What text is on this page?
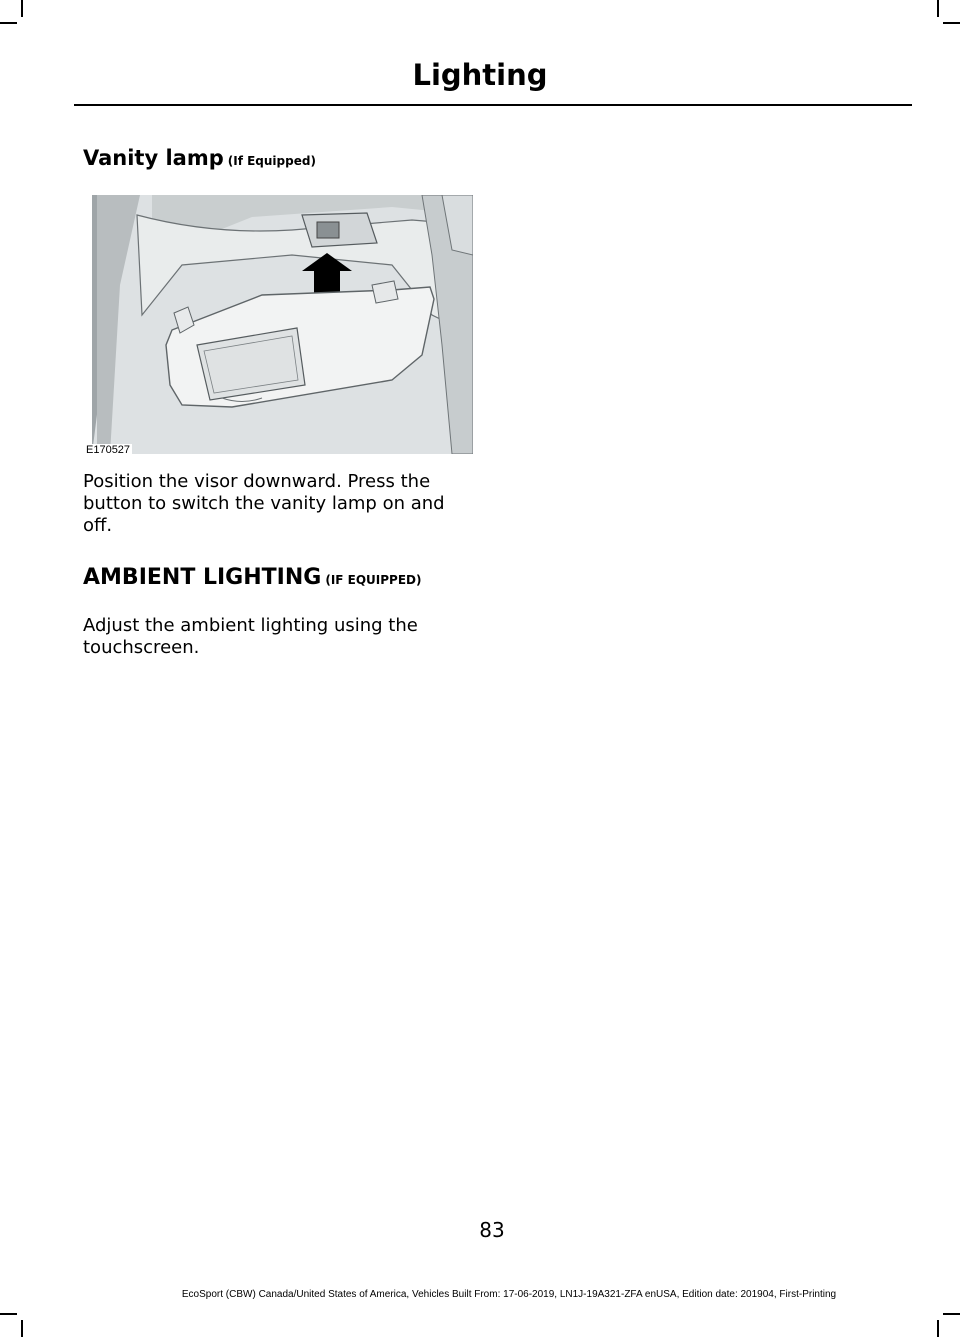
Lighting
Vanity lamp (If Equipped)
E170527
Position the visor downward. Press the
button to switch the vanity lamp on and
off.
AMBIENT LIGHTING (IF EQUIPPED)
Adjust the ambient lighting using the
touchscreen.
83
EcoSport (CBW) Canada/United States of America, Vehicles Built From: 17-06-2019, LN1J-19A321-ZFA enUSA, Edition date: 201904, First-Printing
